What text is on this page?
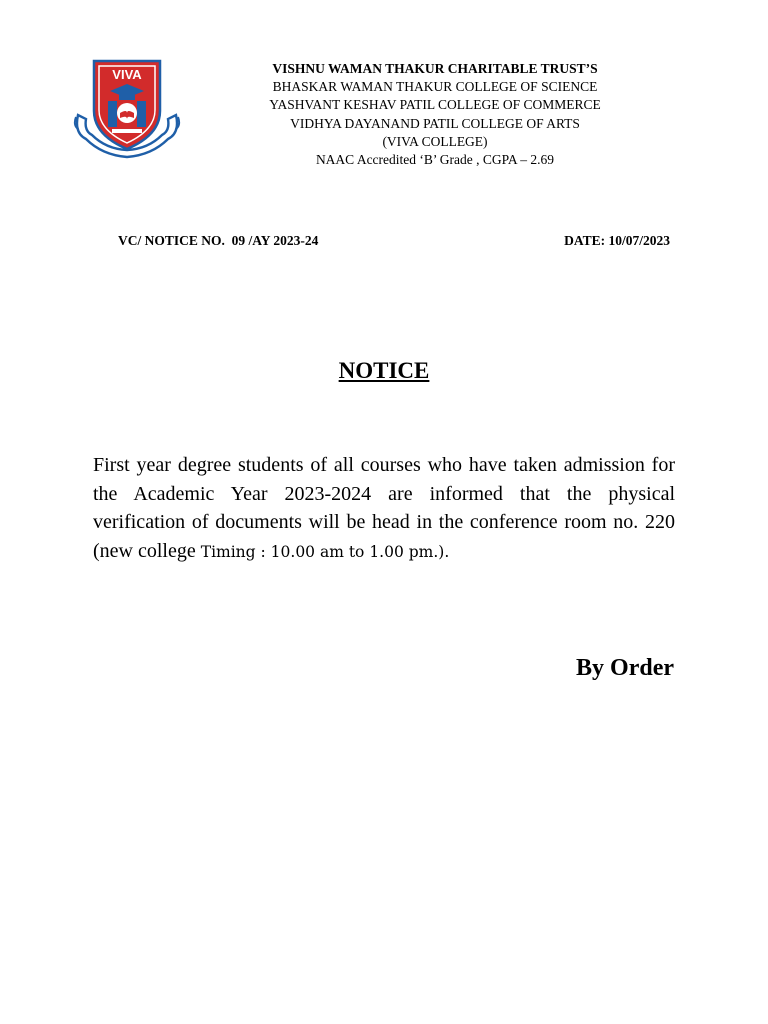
VIVA	VISHNU WAMAN THAKUR CHARITABLE TRUST’S
BHASKAR WAMAN THAKUR COLLEGE OF SCIENCE
YASHVANT KESHAV PATIL COLLEGE OF COMMERCE
VIDHYA DAYANAND PATIL COLLEGE OF ARTS
(VIVA COLLEGE)
NAAC Accredited ‘B’ Grade , CGPA – 2.69
VC/ NOTICE NO.  09 /AY 2023-24	DATE: 10/07/2023
NOTICE
First year degree students of all courses who have taken admission for the Academic Year 2023-2024 are informed that the physical verification of documents will be head in the conference room no. 220 (new college Timing : 10.00 am to 1.00 pm.).
By Order
